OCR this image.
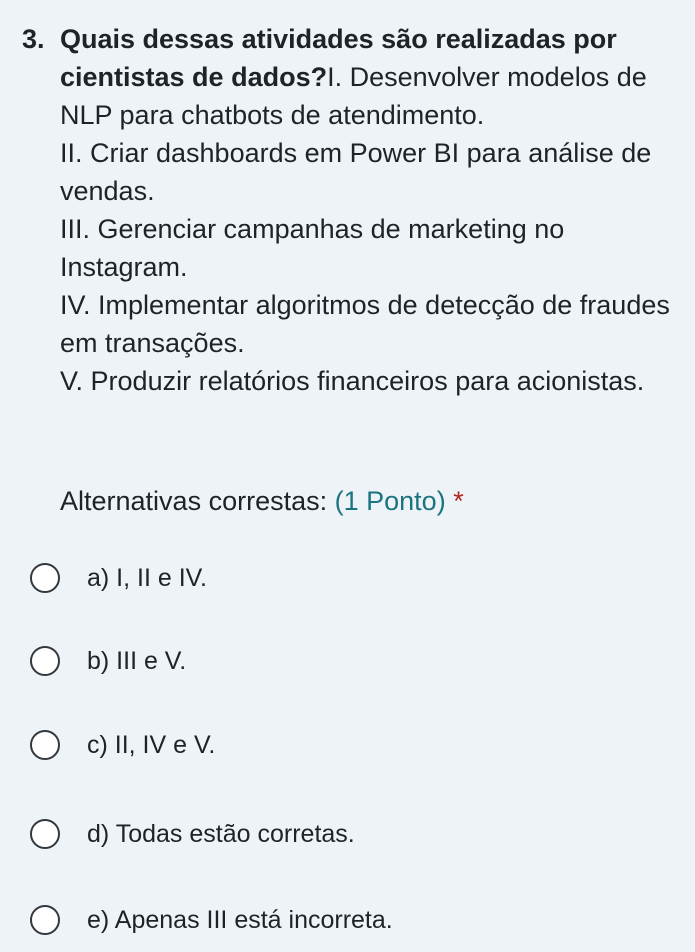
3. Quais dessas atividades são realizadas por cientistas de dados?I. Desenvolver modelos de NLP para chatbots de atendimento.
II. Criar dashboards em Power BI para análise de vendas.
III. Gerenciar campanhas de marketing no Instagram.
IV. Implementar algoritmos de detecção de fraudes em transações.
V. Produzir relatórios financeiros para acionistas.
Alternativas correstas: (1 Ponto) *
a) I, II e IV.
b) III e V.
c) II, IV e V.
d) Todas estão corretas.
e) Apenas III está incorreta.
